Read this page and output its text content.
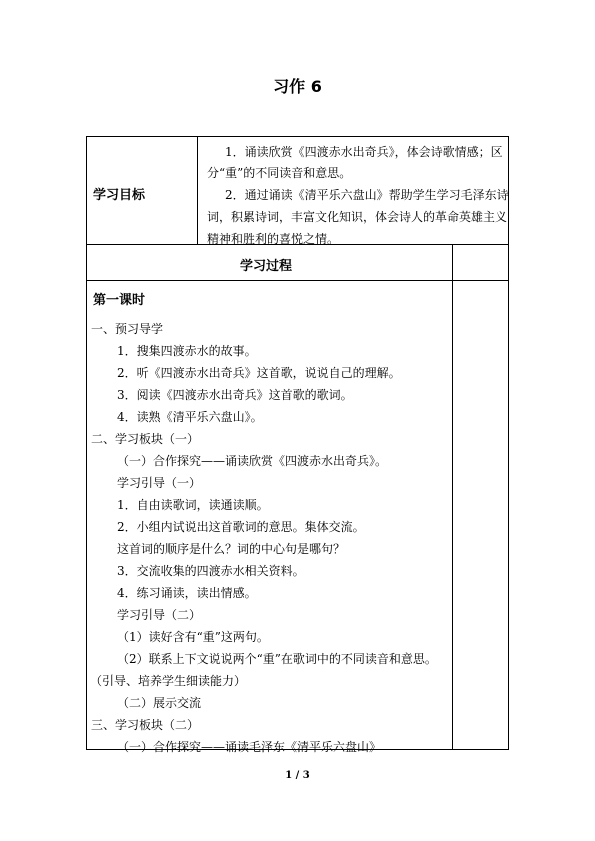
习作 6
学习目标
1．诵读欣赏《四渡赤水出奇兵》，体会诗歌情感；区
分“重”的不同读音和意思。
2．通过诵读《清平乐六盘山》帮助学生学习毛泽东诗
词，积累诗词，丰富文化知识，体会诗人的革命英雄主义
精神和胜利的喜悦之情。
学习过程
第一课时
一、预习导学
1．搜集四渡赤水的故事。
2．听《四渡赤水出奇兵》这首歌，说说自己的理解。
3．阅读《四渡赤水出奇兵》这首歌的歌词。
4．读熟《清平乐六盘山》。
二、学习板块（一）
（一）合作探究——诵读欣赏《四渡赤水出奇兵》。
学习引导（一）
1．自由读歌词，读通读顺。
2．小组内试说出这首歌词的意思。集体交流。
这首词的顺序是什么？词的中心句是哪句？
3．交流收集的四渡赤水相关资料。
4．练习诵读，读出情感。
学习引导（二）
（1）读好含有“重”这两句。
（2）联系上下文说说两个“重”在歌词中的不同读音和意思。
（引导、培养学生细读能力）
（二）展示交流
三、学习板块（二）
（一）合作探究——诵读毛泽东《清平乐六盘山》
1 / 3
